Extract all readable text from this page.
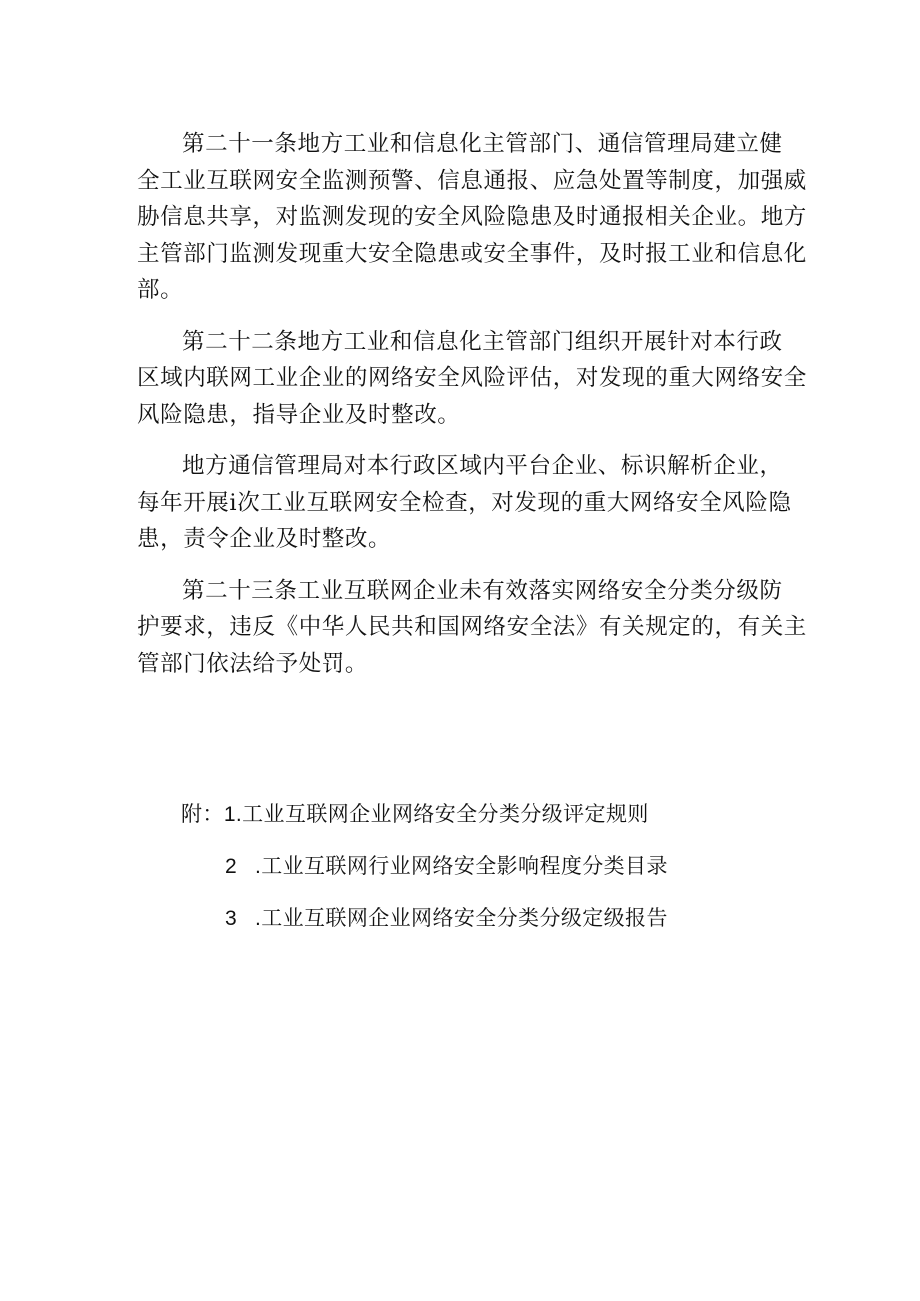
第二十一条地方工业和信息化主管部门、通信管理局建立健
全工业互联网安全监测预警、信息通报、应急处置等制度，加强威
胁信息共享，对监测发现的安全风险隐患及时通报相关企业。地方
主管部门监测发现重大安全隐患或安全事件，及时报工业和信息化
部。

第二十二条地方工业和信息化主管部门组织开展针对本行政
区域内联网工业企业的网络安全风险评估，对发现的重大网络安全
风险隐患，指导企业及时整改。

地方通信管理局对本行政区域内平台企业、标识解析企业，
每年开展i次工业互联网安全检查，对发现的重大网络安全风险隐
患，责令企业及时整改。

第二十三条工业互联网企业未有效落实网络安全分类分级防
护要求，违反《中华人民共和国网络安全法》有关规定的，有关主
管部门依法给予处罚。

附：1.工业互联网企业网络安全分类分级评定规则
2 .工业互联网行业网络安全影响程度分类目录
3 .工业互联网企业网络安全分类分级定级报告
